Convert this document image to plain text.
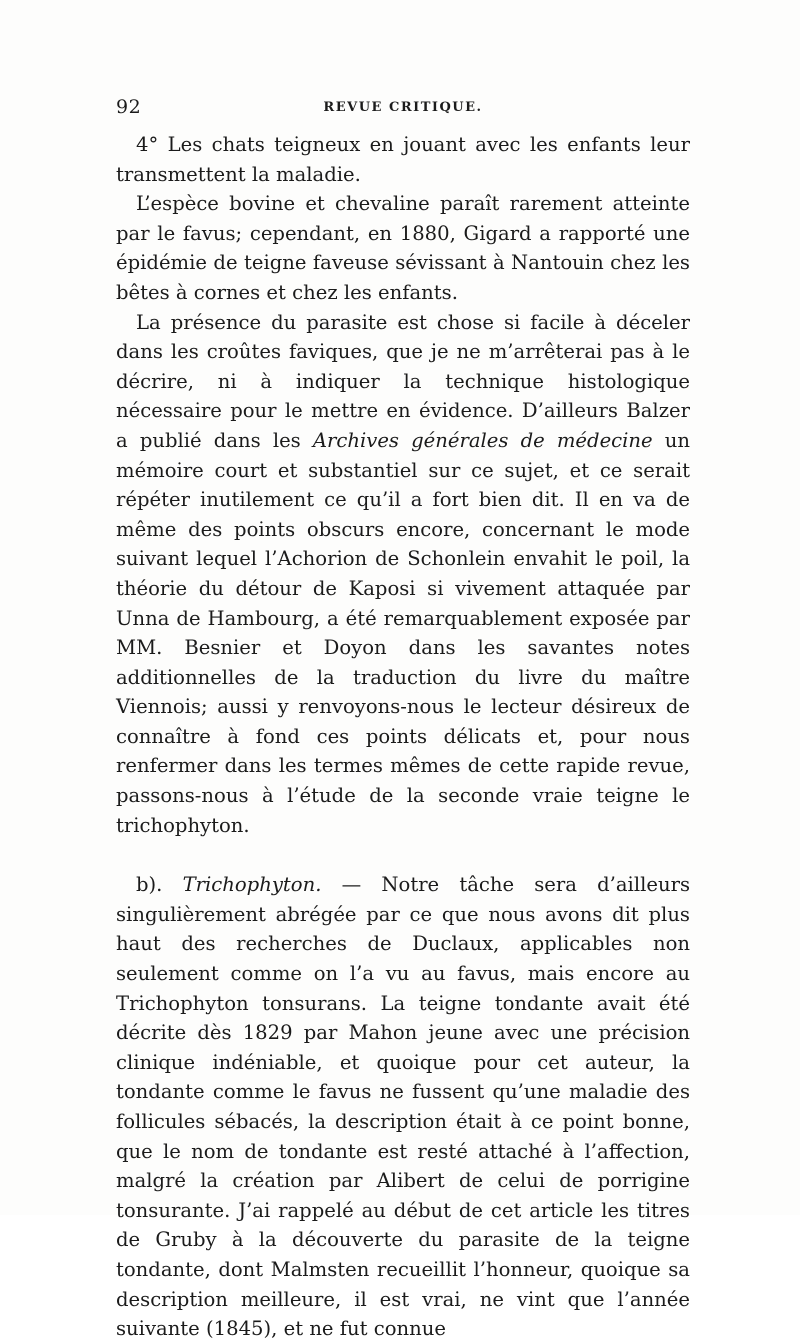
92	REVUE CRITIQUE.

4° Les chats teigneux en jouant avec les enfants leur transmettent la maladie.

L’espèce bovine et chevaline paraît rarement atteinte par le favus; cependant, en 1880, Gigard a rapporté une épidémie de teigne faveuse sévissant à Nantouin chez les bêtes à cornes et chez les enfants.

La présence du parasite est chose si facile à déceler dans les croûtes faviques, que je ne m’arrêterai pas à le décrire, ni à indiquer la technique histologique nécessaire pour le mettre en évidence. D’ailleurs Balzer a publié dans les Archives générales de médecine un mémoire court et substantiel sur ce sujet, et ce serait répéter inutilement ce qu’il a fort bien dit. Il en va de même des points obscurs encore, concernant le mode suivant lequel l’Achorion de Schonlein envahit le poil, la théorie du détour de Kaposi si vivement attaquée par Unna de Hambourg, a été remarquablement exposée par MM. Besnier et Doyon dans les savantes notes additionnelles de la traduction du livre du maître Viennois; aussi y renvoyons-nous le lecteur désireux de connaître à fond ces points délicats et, pour nous renfermer dans les termes mêmes de cette rapide revue, passons-nous à l’étude de la seconde vraie teigne le trichophyton.

b). Trichophyton. — Notre tâche sera d’ailleurs singulièrement abrégée par ce que nous avons dit plus haut des recherches de Duclaux, applicables non seulement comme on l’a vu au favus, mais encore au Trichophyton tonsurans. La teigne tondante avait été décrite dès 1829 par Mahon jeune avec une précision clinique indéniable, et quoique pour cet auteur, la tondante comme le favus ne fussent qu’une maladie des follicules sébacés, la description était à ce point bonne, que le nom de tondante est resté attaché à l’affection, malgré la création par Alibert de celui de porrigine tonsurante. J’ai rappelé au début de cet article les titres de Gruby à la découverte du parasite de la teigne tondante, dont Malmsten recueillit l’honneur, quoique sa description meilleure, il est vrai, ne vint que l’année suivante (1845), et ne fut connue
